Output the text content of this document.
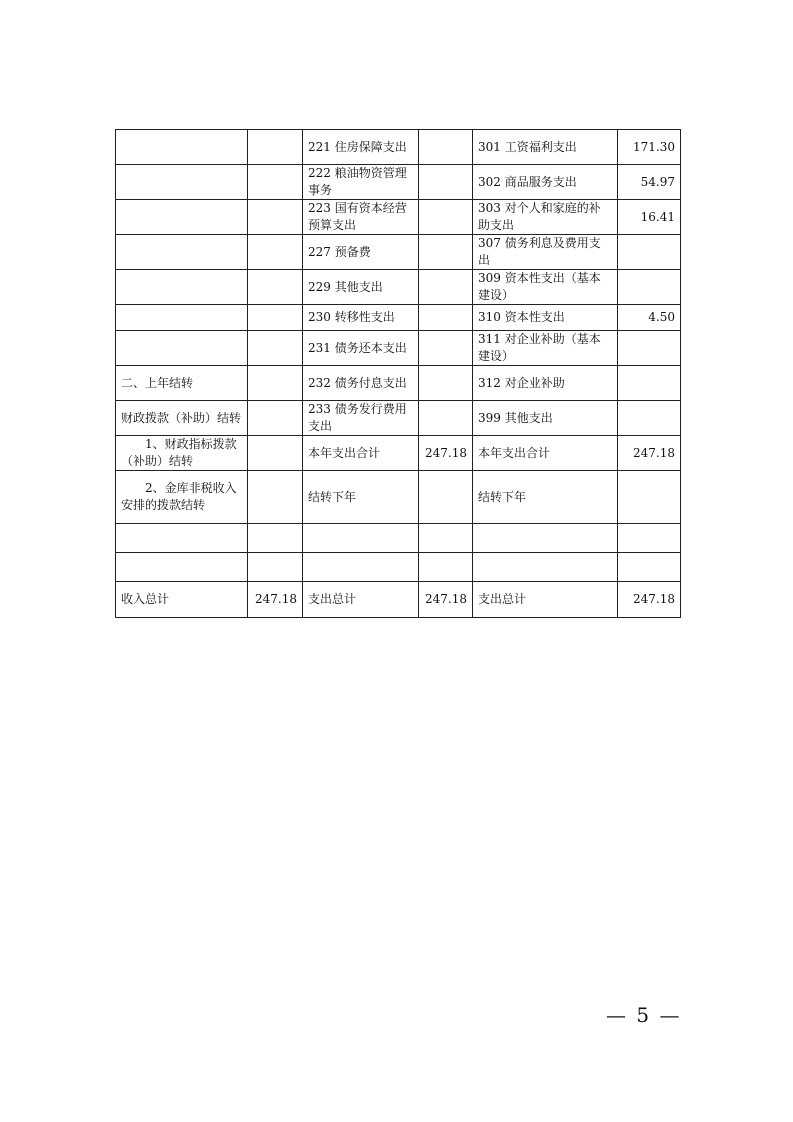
		221 住房保障支出		301 工资福利支出	171.30
		222 粮油物资管理事务		302 商品服务支出	54.97
		223 国有资本经营预算支出		303 对个人和家庭的补助支出	16.41
		227 预备费		307 债务利息及费用支出	
		229 其他支出		309 资本性支出（基本建设）	
		230 转移性支出		310 资本性支出	4.50
		231 债务还本支出		311 对企业补助（基本建设）	
二、上年结转		232 债务付息支出		312 对企业补助	
财政拨款（补助）结转		233 债务发行费用支出		399 其他支出	
1、财政指标拨款（补助）结转		本年支出合计	247.18	本年支出合计	247.18
2、金库非税收入安排的拨款结转		结转下年		结转下年	

收入总计	247.18	支出总计	247.18	支出总计	247.18
— 5 —
